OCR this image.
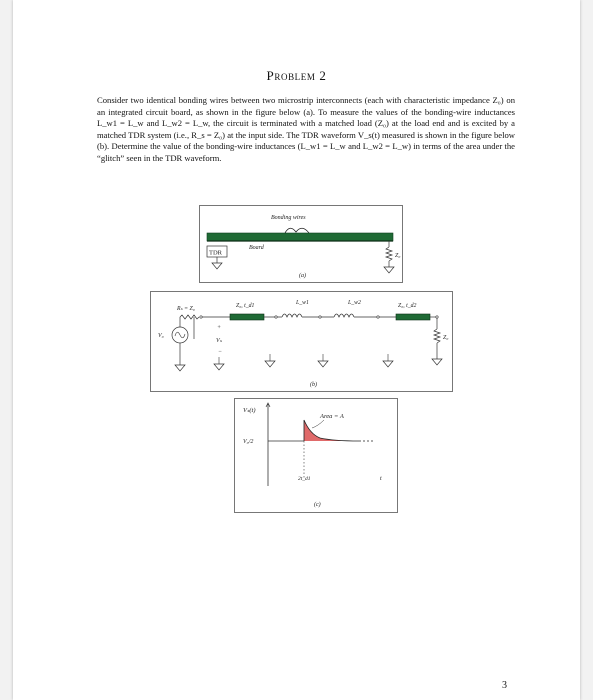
Problem 2
Consider two identical bonding wires between two microstrip interconnects (each with characteristic impedance Z₀) on an integrated circuit board, as shown in the figure below (a). To measure the values of the bonding-wire inductances L_w1 = L_w and L_w2 = L_w, the circuit is terminated with a matched load (Z₀) at the load end and is excited by a matched TDR system (i.e., R_s = Z₀) at the input side. The TDR waveform V_s(t) measured is shown in the figure below (b). Determine the value of the bonding-wire inductances (L_w1 = L_w and L_w2 = L_w) in terms of the area under the “glitch” seen in the TDR waveform.
Bonding wires
Board
TDR	Z₀
(a)
Rₛ = Z₀	Z₀, t_d1	L_w1	L_w2	Z₀, t_d2
V₀
+
Vₛ
−
Z₀
(b)
Vₛ(t)
V₀/2
Area = A
2t_d1	t
(c)
3
